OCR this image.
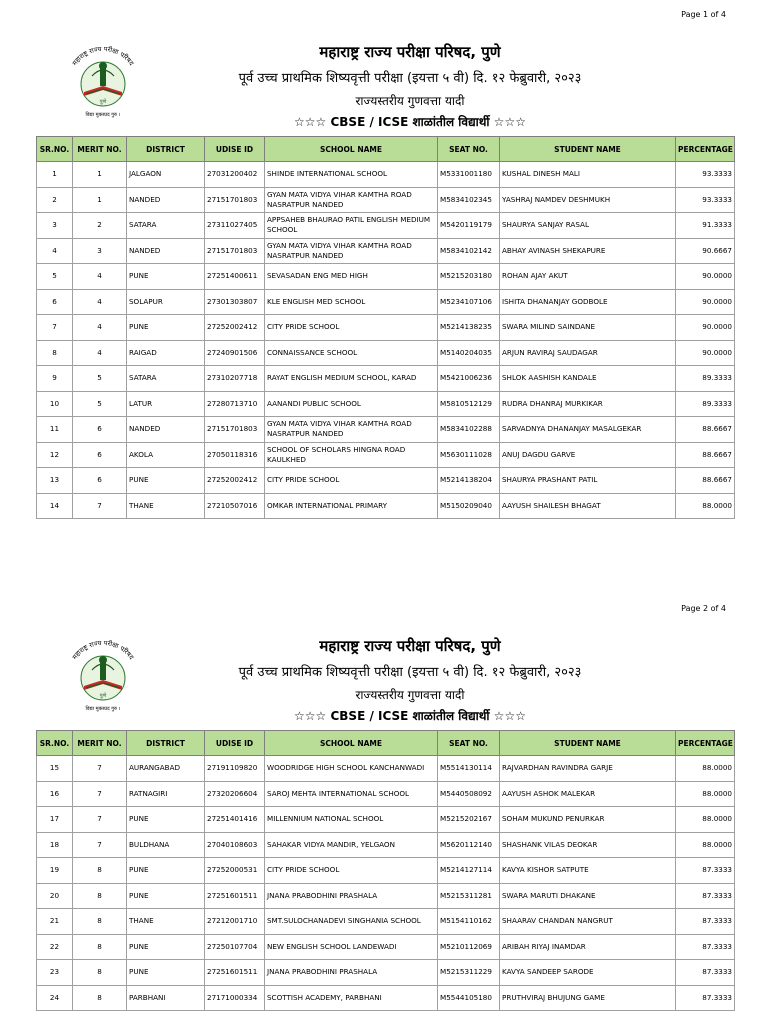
Page 1 of 4
महाराष्ट्र राज्य परीक्षा परिषद
पुणे
विद्या मुक्तप्रद गुरु ।
महाराष्ट्र राज्य परीक्षा परिषद, पुणे
पूर्व उच्च प्राथमिक शिष्यवृत्ती परीक्षा (इयत्ता ५ वी) दि. १२ फेब्रुवारी, २०२३
राज्यस्तरीय गुणवत्ता यादी
☆☆☆ CBSE / ICSE शाळांतील विद्यार्थी ☆☆☆
SR.NO.	MERIT NO.	DISTRICT	UDISE ID	SCHOOL NAME	SEAT NO.	STUDENT NAME	PERCENTAGE
1	1	JALGAON	27031200402	SHINDE INTERNATIONAL SCHOOL	M5331001180	KUSHAL DINESH MALI	93.3333
2	1	NANDED	27151701803	GYAN MATA VIDYA VIHAR KAMTHA ROAD NASRATPUR NANDED	M5834102345	YASHRAJ NAMDEV DESHMUKH	93.3333
3	2	SATARA	27311027405	APPSAHEB BHAURAO PATIL ENGLISH MEDIUM SCHOOL	M5420119179	SHAURYA SANJAY RASAL	91.3333
4	3	NANDED	27151701803	GYAN MATA VIDYA VIHAR KAMTHA ROAD NASRATPUR NANDED	M5834102142	ABHAY AVINASH SHEKAPURE	90.6667
5	4	PUNE	27251400611	SEVASADAN ENG MED HIGH	M5215203180	ROHAN AJAY AKUT	90.0000
6	4	SOLAPUR	27301303807	KLE ENGLISH MED SCHOOL	M5234107106	ISHITA DHANANJAY GODBOLE	90.0000
7	4	PUNE	27252002412	CITY PRIDE SCHOOL	M5214138235	SWARA MILIND SAINDANE	90.0000
8	4	RAIGAD	27240901506	CONNAISSANCE SCHOOL	M5140204035	ARJUN RAVIRAJ SAUDAGAR	90.0000
9	5	SATARA	27310207718	RAYAT ENGLISH MEDIUM SCHOOL, KARAD	M5421006236	SHLOK AASHISH KANDALE	89.3333
10	5	LATUR	27280713710	AANANDI PUBLIC SCHOOL	M5810512129	RUDRA DHANRAJ MURKIKAR	89.3333
11	6	NANDED	27151701803	GYAN MATA VIDYA VIHAR KAMTHA ROAD NASRATPUR NANDED	M5834102288	SARVADNYA DHANANJAY MASALGEKAR	88.6667
12	6	AKOLA	27050118316	SCHOOL OF SCHOLARS HINGNA ROAD KAULKHED	M5630111028	ANUJ DAGDU GARVE	88.6667
13	6	PUNE	27252002412	CITY PRIDE SCHOOL	M5214138204	SHAURYA PRASHANT PATIL	88.6667
14	7	THANE	27210507016	OMKAR INTERNATIONAL PRIMARY	M5150209040	AAYUSH SHAILESH BHAGAT	88.0000
Page 2 of 4
महाराष्ट्र राज्य परीक्षा परिषद
पुणे
विद्या मुक्तप्रद गुरु ।
महाराष्ट्र राज्य परीक्षा परिषद, पुणे
पूर्व उच्च प्राथमिक शिष्यवृत्ती परीक्षा (इयत्ता ५ वी) दि. १२ फेब्रुवारी, २०२३
राज्यस्तरीय गुणवत्ता यादी
☆☆☆ CBSE / ICSE शाळांतील विद्यार्थी ☆☆☆
SR.NO.	MERIT NO.	DISTRICT	UDISE ID	SCHOOL NAME	SEAT NO.	STUDENT NAME	PERCENTAGE
15	7	AURANGABAD	27191109820	WOODRIDGE HIGH SCHOOL KANCHANWADI	M5514130114	RAJVARDHAN RAVINDRA GARJE	88.0000
16	7	RATNAGIRI	27320206604	SAROJ MEHTA INTERNATIONAL SCHOOL	M5440508092	AAYUSH ASHOK MALEKAR	88.0000
17	7	PUNE	27251401416	MILLENNIUM NATIONAL SCHOOL	M5215202167	SOHAM MUKUND PENURKAR	88.0000
18	7	BULDHANA	27040108603	SAHAKAR VIDYA MANDIR, YELGAON	M5620112140	SHASHANK VILAS DEOKAR	88.0000
19	8	PUNE	27252000531	CITY PRIDE SCHOOL	M5214127114	KAVYA KISHOR SATPUTE	87.3333
20	8	PUNE	27251601511	JNANA PRABODHINI PRASHALA	M5215311281	SWARA MARUTI DHAKANE	87.3333
21	8	THANE	27212001710	SMT.SULOCHANADEVI SINGHANIA SCHOOL	M5154110162	SHAARAV CHANDAN NANGRUT	87.3333
22	8	PUNE	27250107704	NEW ENGLISH SCHOOL LANDEWADI	M5210112069	ARIBAH RIYAJ INAMDAR	87.3333
23	8	PUNE	27251601511	JNANA PRABODHINI PRASHALA	M5215311229	KAVYA SANDEEP SARODE	87.3333
24	8	PARBHANI	27171000334	SCOTTISH ACADEMY, PARBHANI	M5544105180	PRUTHVIRAJ BHUJUNG GAME	87.3333
